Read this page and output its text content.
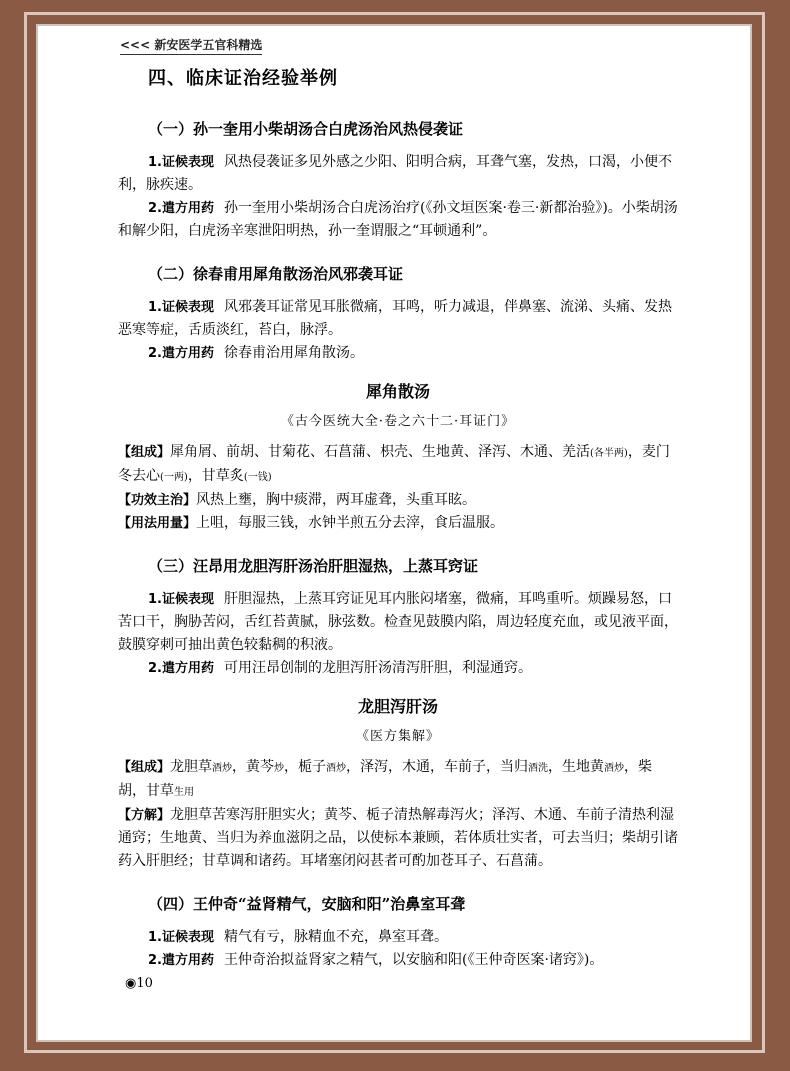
<<< 新安医学五官科精选
四、临床证治经验举例
（一）孙一奎用小柴胡汤合白虎汤治风热侵袭证

1.证候表现 风热侵袭证多见外感之少阳、阳明合病，耳聋气塞，发热，口渴，小便不利，脉疾速。

2.遣方用药 孙一奎用小柴胡汤合白虎汤治疗(《孙文垣医案·卷三·新都治验》)。小柴胡汤和解少阳，白虎汤辛寒泄阳明热，孙一奎谓服之“耳顿通利”。

（二）徐春甫用犀角散汤治风邪袭耳证

1.证候表现 风邪袭耳证常见耳胀微痛，耳鸣，听力减退，伴鼻塞、流涕、头痛、发热恶寒等症，舌质淡红，苔白，脉浮。

2.遣方用药 徐春甫治用犀角散汤。

犀角散汤
《古今医统大全·卷之六十二·耳证门》

【组成】犀角屑、前胡、甘菊花、石菖蒲、枳壳、生地黄、泽泻、木通、羌活(各半两)，麦门冬去心(一两)，甘草炙(一钱)

【功效主治】风热上壅，胸中痰滞，两耳虚聋，头重耳眩。

【用法用量】上咀，每服三钱，水钟半煎五分去滓，食后温服。

（三）汪昂用龙胆泻肝汤治肝胆湿热，上蒸耳窍证

1.证候表现 肝胆湿热，上蒸耳窍证见耳内胀闷堵塞，微痛，耳鸣重听。烦躁易怒，口苦口干，胸胁苦闷，舌红苔黄腻，脉弦数。检查见鼓膜内陷，周边轻度充血，或见液平面，鼓膜穿刺可抽出黄色较黏稠的积液。

2.遣方用药 可用汪昂创制的龙胆泻肝汤清泻肝胆，利湿通窍。

龙胆泻肝汤
《医方集解》

【组成】龙胆草酒炒，黄芩炒，栀子酒炒，泽泻，木通，车前子，当归酒洗，生地黄酒炒，柴胡，甘草生用

【方解】龙胆草苦寒泻肝胆实火；黄芩、栀子清热解毒泻火；泽泻、木通、车前子清热利湿通窍；生地黄、当归为养血滋阴之品，以使标本兼顾，若体质壮实者，可去当归；柴胡引诸药入肝胆经；甘草调和诸药。耳堵塞闭闷甚者可酌加苍耳子、石菖蒲。

（四）王仲奇“益肾精气，安脑和阳”治鼻室耳聋

1.证候表现 精气有亏，脉精血不充，鼻室耳聋。

2.遣方用药 王仲奇治拟益肾家之精气，以安脑和阳(《王仲奇医案·诸窍》)。

◉10
